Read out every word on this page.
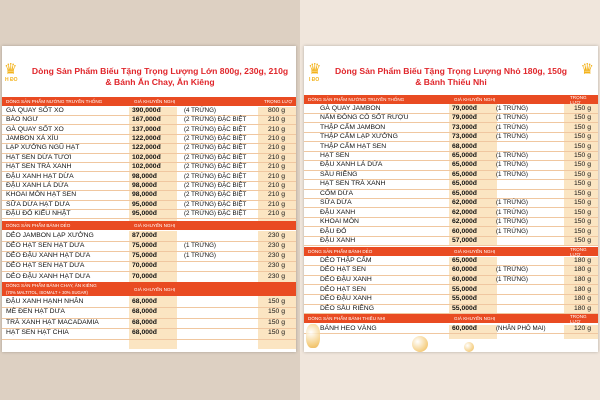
♛
H ĐO
Dòng Sản Phẩm Biếu Tặng Trọng Lượng Lớn 800g, 230g, 210g
& Bánh Ăn Chay, Ăn Kiêng
DÒNG SẢN PHẨM NƯỚNG TRUYỀN THỐNG	GIÁ KHUYẾN NGHỊ	TRỌNG LƯỢ
GÀ QUAY SỐT XO	390,000đ	(4 TRỨNG)	800 g
BÀO NGƯ	167,000đ	(2 TRỨNG) ĐẶC BIỆT	210 g
GÀ QUAY SỐT XO	137,000đ	(2 TRỨNG) ĐẶC BIỆT	210 g
JAMBON XÁ XÍU	122,000đ	(2 TRỨNG) ĐẶC BIỆT	210 g
LẠP XƯỞNG NGŨ HẠT	122,000đ	(2 TRỨNG) ĐẶC BIỆT	210 g
HẠT SEN DỪA TƯƠI	102,000đ	(2 TRỨNG) ĐẶC BIỆT	210 g
HẠT SEN TRÀ XANH	102,000đ	(2 TRỨNG) ĐẶC BIỆT	210 g
ĐẬU XANH HẠT DỪA	98,000đ	(2 TRỨNG) ĐẶC BIỆT	210 g
ĐẬU XANH LÁ DỨA	98,000đ	(2 TRỨNG) ĐẶC BIỆT	210 g
KHOAI MÔN HẠT SEN	98,000đ	(2 TRỨNG) ĐẶC BIỆT	210 g
SỮA DỪA HẠT DƯA	95,000đ	(2 TRỨNG) ĐẶC BIỆT	210 g
ĐẬU ĐỎ KIỂU NHẬT	95,000đ	(2 TRỨNG) ĐẶC BIỆT	210 g
DÒNG SẢN PHẨM BÁNH DẺO	GIÁ KHUYẾN NGHỊ
DẺO JAMBON LẠP XƯỞNG	87,000đ	230 g
DẺO HẠT SEN HẠT DƯA	75,000đ	(1 TRỨNG)	230 g
DẺO ĐẬU XANH HẠT DƯA	75,000đ	(1 TRỨNG)	230 g
DẺO HẠT SEN HẠT DƯA	70,000đ	230 g
DẺO ĐẬU XANH HẠT DƯA	70,000đ	230 g
DÒNG SẢN PHẨM BÁNH CHAY, ĂN KIÊNG
(70% MALTITOL, ISOMALT + 30% SUGAR)
GIÁ KHUYẾN NGHỊ
ĐẬU XANH HẠNH NHÂN	68,000đ	150 g
MÈ ĐEN HẠT DƯA	68,000đ	150 g
TRÀ XANH HẠT MACADAMIA	68,000đ	150 g
HẠT SEN HẠT CHIA	68,000đ	150 g
♛
I ĐO
♛
Dòng Sản Phẩm Biếu Tặng Trọng Lượng Nhỏ 180g, 150g
& Bánh Thiếu Nhi
DÒNG SẢN PHẨM NƯỚNG TRUYỀN THỐNG	GIÁ KHUYẾN NGHỊ	TRỌNG LƯỢ
GÀ QUAY JAMBON	79,000đ	(1 TRỨNG)	150 g
NẤM ĐÔNG CÔ SỐT RƯỢU	79,000đ	(1 TRỨNG)	150 g
THẬP CẨM JAMBON	73,000đ	(1 TRỨNG)	150 g
THẬP CẨM LẠP XƯỞNG	73,000đ	(1 TRỨNG)	150 g
THẬP CẨM HẠT SEN	68,000đ	150 g
HẠT SEN	65,000đ	(1 TRỨNG)	150 g
ĐẬU XANH LÁ DỨA	65,000đ	(1 TRỨNG)	150 g
SẦU RIÊNG	65,000đ	(1 TRỨNG)	150 g
HẠT SEN TRÀ XANH	65,000đ	150 g
CỐM DỪA	65,000đ	150 g
SỮA DỪA	62,000đ	(1 TRỨNG)	150 g
ĐẬU XANH	62,000đ	(1 TRỨNG)	150 g
KHOAI MÔN	62,000đ	(1 TRỨNG)	150 g
ĐẬU ĐỎ	60,000đ	(1 TRỨNG)	150 g
ĐẬU XANH	57,000đ	150 g
DÒNG SẢN PHẨM BÁNH DẺO	GIÁ KHUYẾN NGHỊ	TRỌNG LƯỢ
DẺO THẬP CẨM	65,000đ	180 g
DẺO HẠT SEN	60,000đ	(1 TRỨNG)	180 g
DẺO ĐẬU XANH	60,000đ	(1 TRỨNG)	180 g
DẺO HẠT SEN	55,000đ	180 g
DẺO ĐẬU XANH	55,000đ	180 g
DẺO SẦU RIÊNG	55,000đ	180 g
DÒNG SẢN PHẨM BÁNH THIẾU NHI	GIÁ KHUYẾN NGHỊ	TRỌNG LƯỢ
BÁNH HEO VÀNG	60,000đ	(NHÂN PHÔ MAI)	120 g
